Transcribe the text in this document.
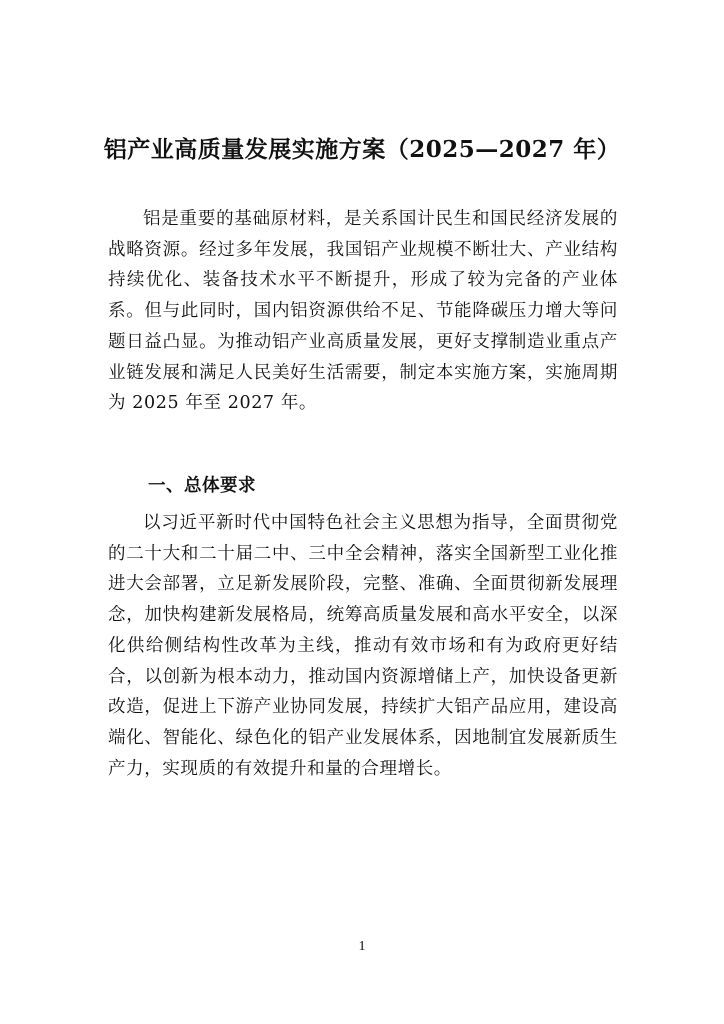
铝产业高质量发展实施方案（2025—2027 年）

铝是重要的基础原材料，是关系国计民生和国民经济发展的战略资源。经过多年发展，我国铝产业规模不断壮大、产业结构持续优化、装备技术水平不断提升，形成了较为完备的产业体系。但与此同时，国内铝资源供给不足、节能降碳压力增大等问题日益凸显。为推动铝产业高质量发展，更好支撑制造业重点产业链发展和满足人民美好生活需要，制定本实施方案，实施周期为 2025 年至 2027 年。

一、总体要求

以习近平新时代中国特色社会主义思想为指导，全面贯彻党的二十大和二十届二中、三中全会精神，落实全国新型工业化推进大会部署，立足新发展阶段，完整、准确、全面贯彻新发展理念，加快构建新发展格局，统筹高质量发展和高水平安全，以深化供给侧结构性改革为主线，推动有效市场和有为政府更好结合，以创新为根本动力，推动国内资源增储上产，加快设备更新改造，促进上下游产业协同发展，持续扩大铝产品应用，建设高端化、智能化、绿色化的铝产业发展体系，因地制宜发展新质生产力，实现质的有效提升和量的合理增长。

1
